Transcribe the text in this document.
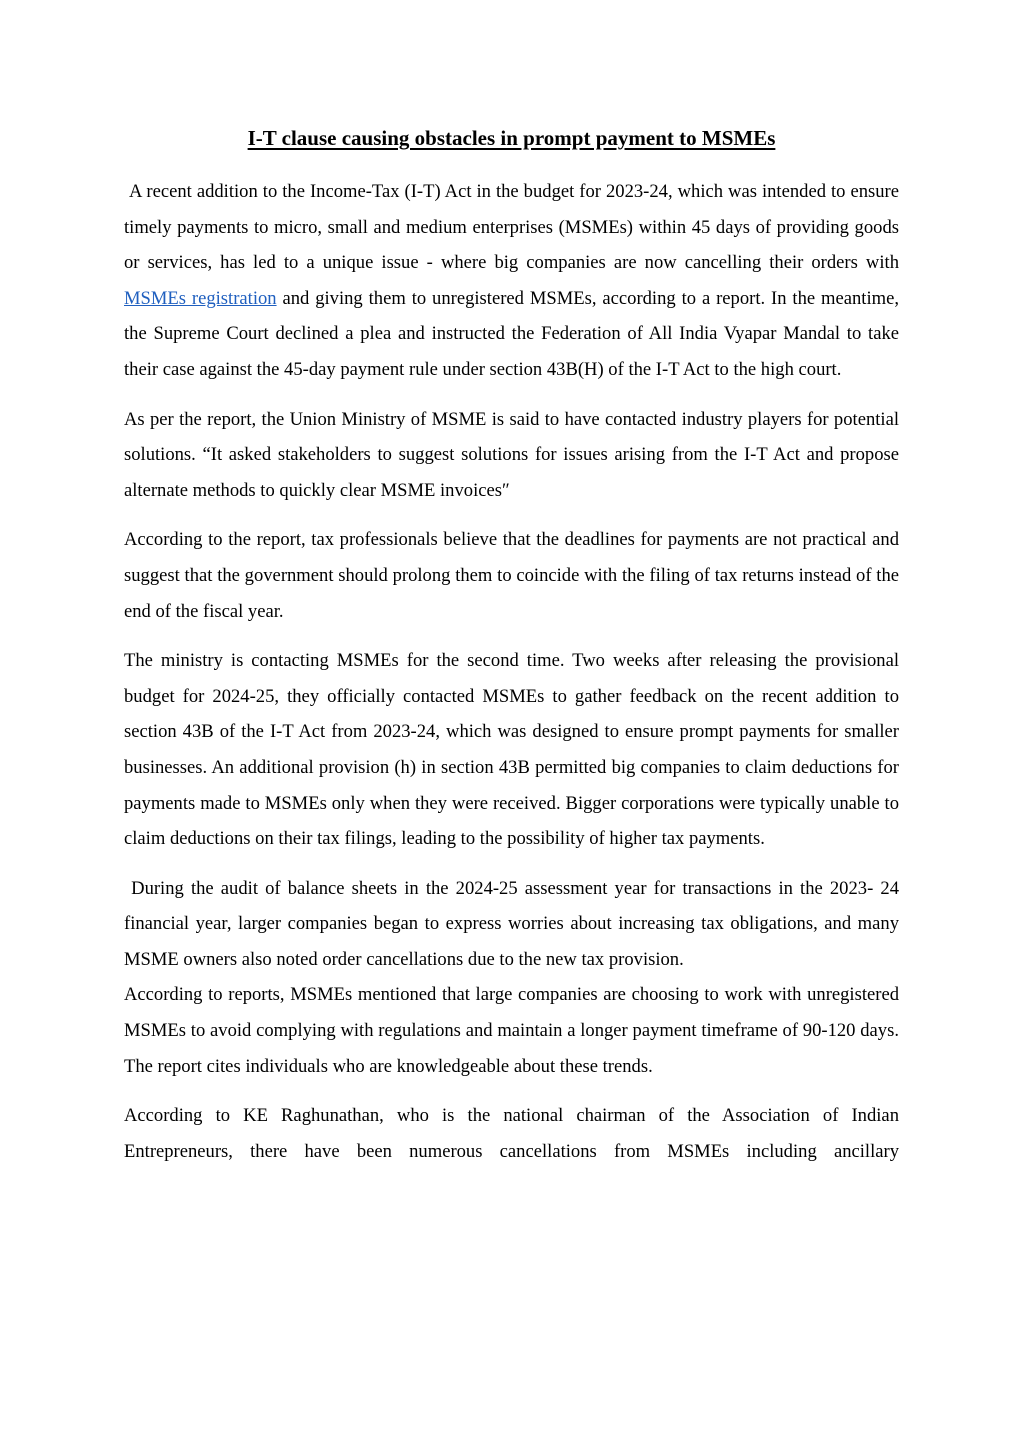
I-T clause causing obstacles in prompt payment to MSMEs

A recent addition to the Income-Tax (I-T) Act in the budget for 2023-24, which was intended to ensure timely payments to micro, small and medium enterprises (MSMEs) within 45 days of providing goods or services, has led to a unique issue - where big companies are now cancelling their orders with MSMEs registration and giving them to unregistered MSMEs, according to a report. In the meantime, the Supreme Court declined a plea and instructed the Federation of All India Vyapar Mandal to take their case against the 45-day payment rule under section 43B(H) of the I-T Act to the high court.

As per the report, the Union Ministry of MSME is said to have contacted industry players for potential solutions. “It asked stakeholders to suggest solutions for issues arising from the I-T Act and propose alternate methods to quickly clear MSME invoices″

According to the report, tax professionals believe that the deadlines for payments are not practical and suggest that the government should prolong them to coincide with the filing of tax returns instead of the end of the fiscal year.

The ministry is contacting MSMEs for the second time. Two weeks after releasing the provisional budget for 2024-25, they officially contacted MSMEs to gather feedback on the recent addition to section 43B of the I-T Act from 2023-24, which was designed to ensure prompt payments for smaller businesses. An additional provision (h) in section 43B permitted big companies to claim deductions for payments made to MSMEs only when they were received. Bigger corporations were typically unable to claim deductions on their tax filings, leading to the possibility of higher tax payments.

During the audit of balance sheets in the 2024-25 assessment year for transactions in the 2023- 24 financial year, larger companies began to express worries about increasing tax obligations, and many MSME owners also noted order cancellations due to the new tax provision.

According to reports, MSMEs mentioned that large companies are choosing to work with unregistered MSMEs to avoid complying with regulations and maintain a longer payment timeframe of 90-120 days. The report cites individuals who are knowledgeable about these trends.

According to KE Raghunathan, who is the national chairman of the Association of Indian Entrepreneurs, there have been numerous cancellations from MSMEs including ancillary
